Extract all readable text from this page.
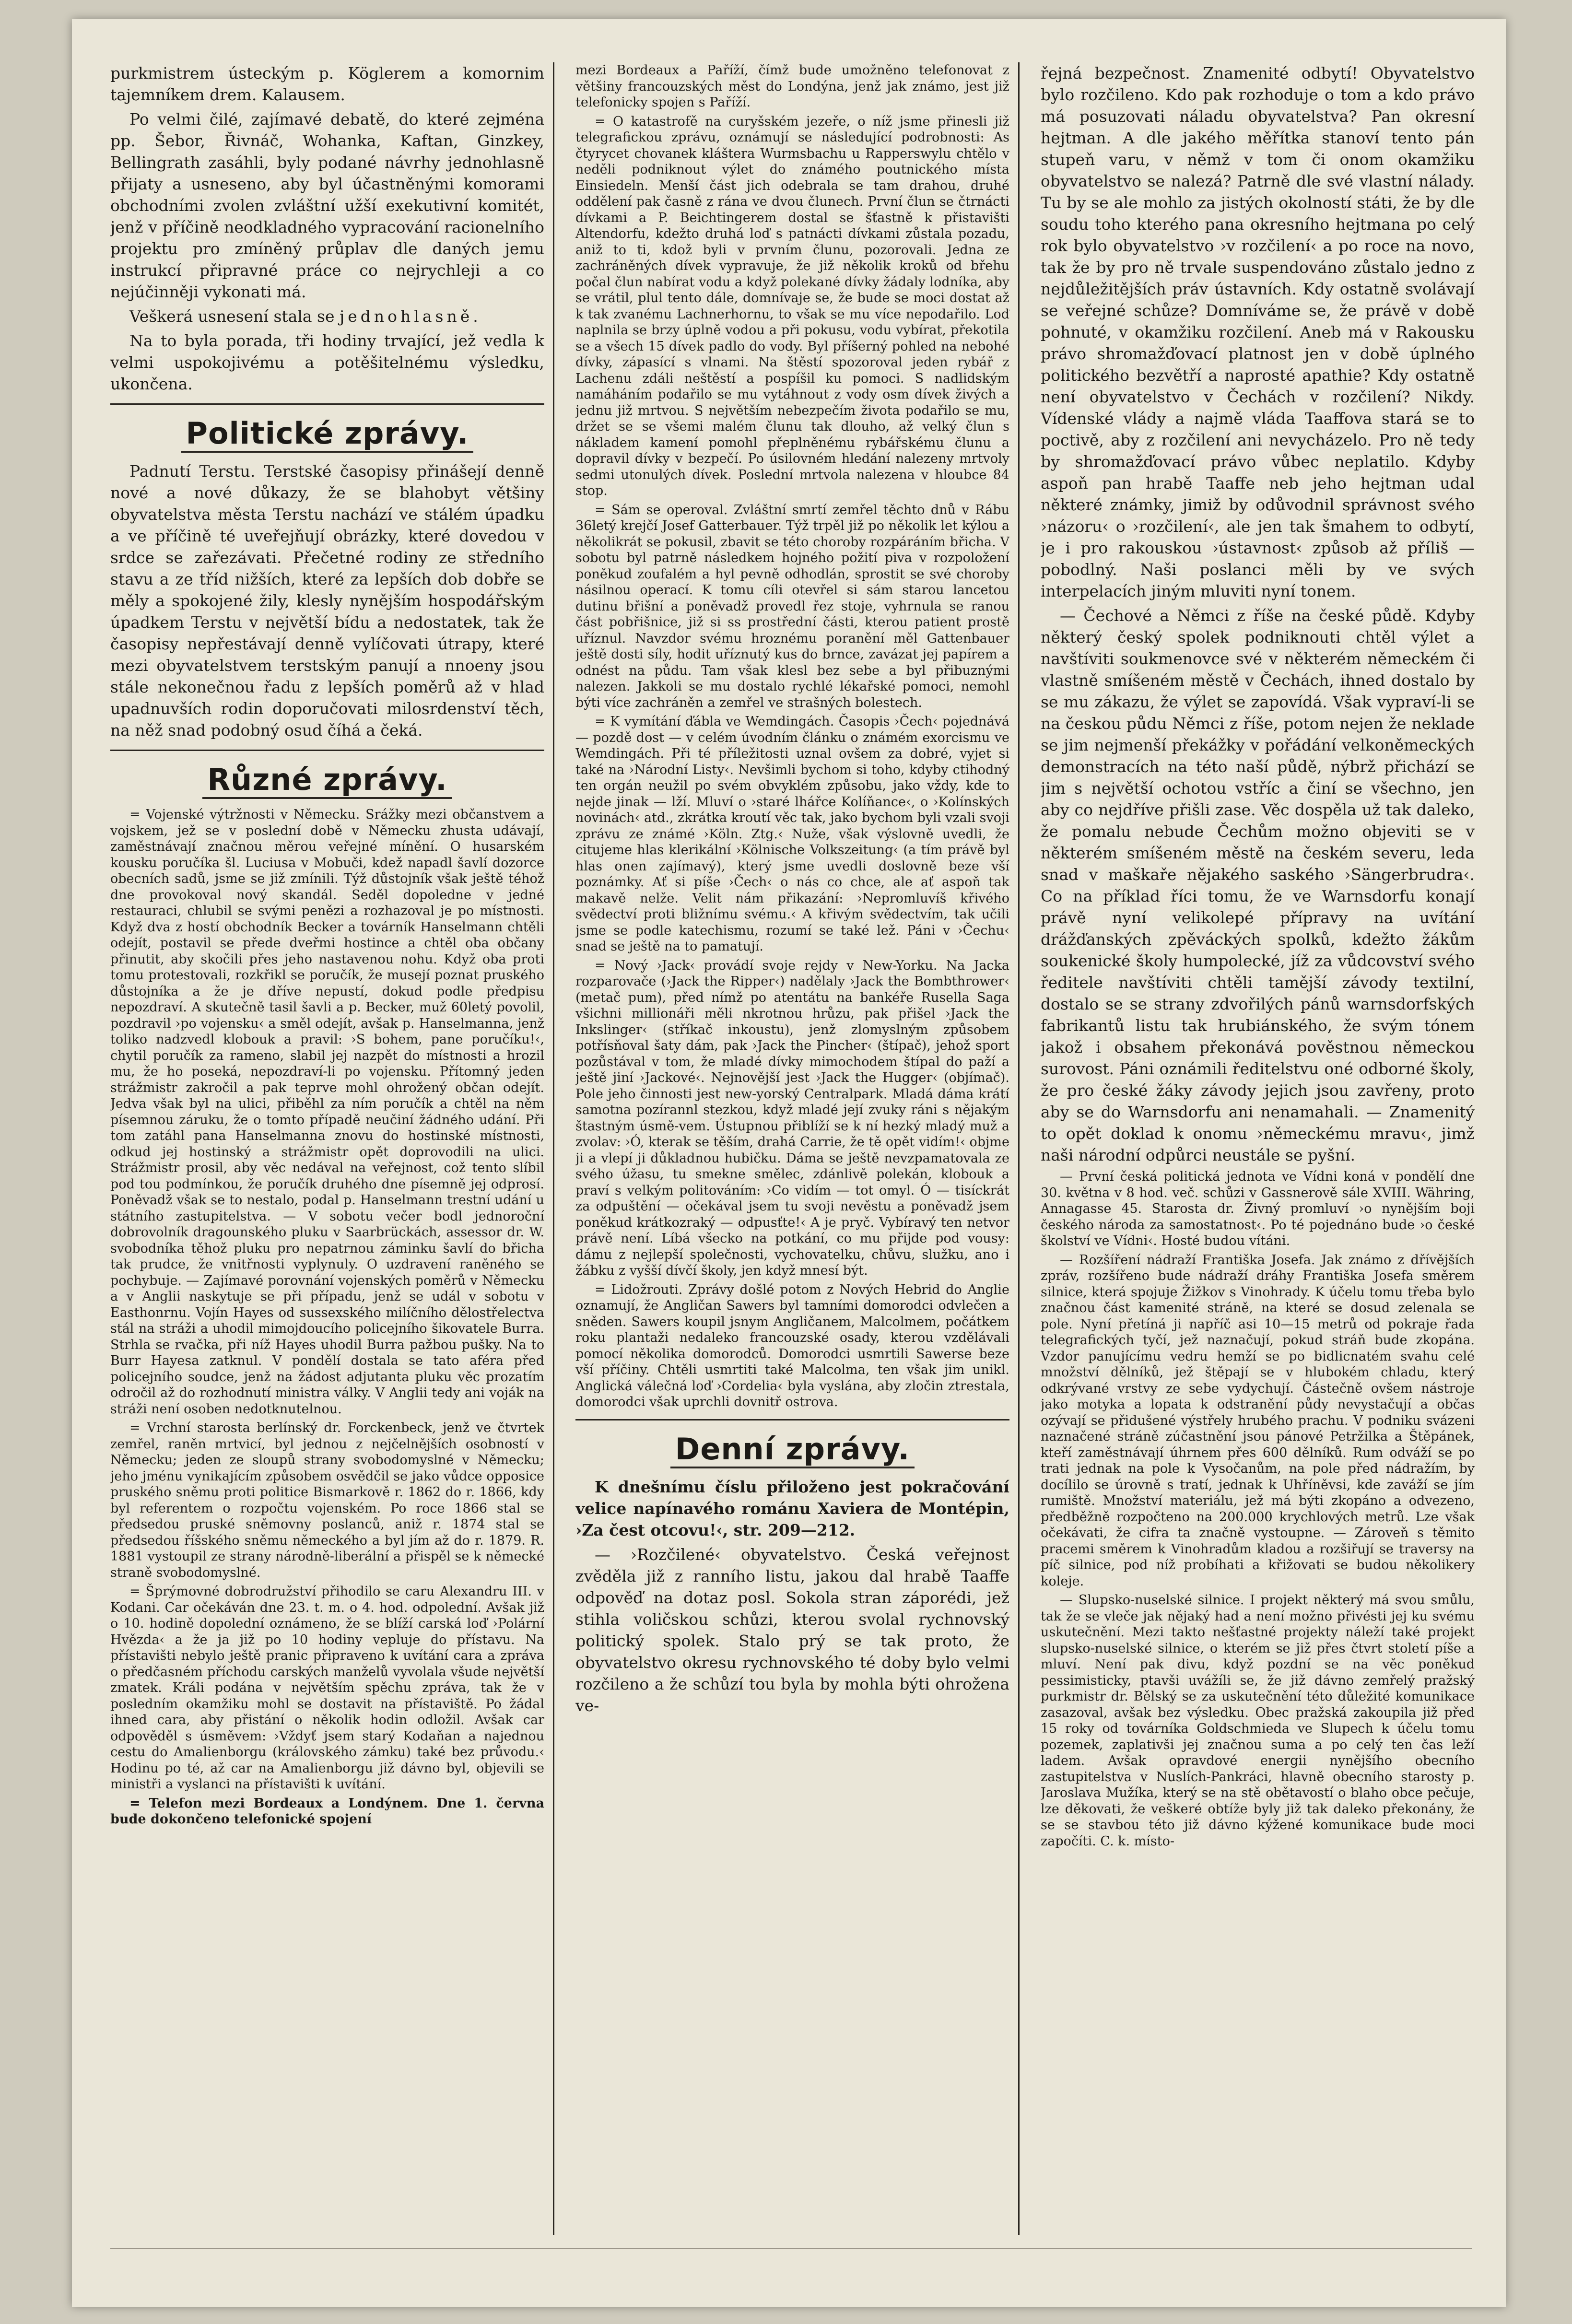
purkmistrem ústeckým p. Köglerem a komornim tajemníkem drem. Kalausem.

Po velmi čilé, zajímavé debatě, do které zejména pp. Šebor, Řivnáč, Wohanka, Kaftan, Ginzkey, Bellingrath zasáhli, byly podané návrhy jednohlasně přijaty a usneseno, aby byl účastněnými komorami obchodními zvolen zvláštní užší exekutivní komitét, jenž v příčině neodkladného vypracování racionelního projektu pro zmíněný průplav dle daných jemu instrukcí připravné práce co nejrychleji a co nejúčinněji vykonati má.

Veškerá usnesení stala se jednohlasně.

Na to byla porada, tři hodiny trvající, jež vedla k velmi uspokojivému a potěšitelnému výsledku, ukončena.

Politické zprávy.

Padnutí Terstu. Terstské časopisy přinášejí denně nové a nové důkazy, že se blahobyt většiny obyvatelstva města Terstu nachází ve stálém úpadku a ve příčině té uveřejňují obrázky, které dovedou v srdce se zařezávati. Přečetné rodiny ze středního stavu a ze tříd nižších, které za lepších dob dobře se měly a spokojené žily, klesly nynějším hospodářským úpadkem Terstu v největší bídu a nedostatek, tak že časopisy nepřestávají denně vylíčovati útrapy, které mezi obyvatelstvem terstským panují a nnoeny jsou stále nekonečnou řadu z lepších poměrů až v hlad upadnuvších rodin doporučovati milosrdenství těch, na něž snad podobný osud číhá a čeká.

Různé zprávy.

= Vojenské výtržnosti v Německu. Srážky mezi občanstvem a vojskem, jež se v poslední době v Německu zhusta udávají, zaměstnávají značnou měrou veřejné mínění. O husarském kousku poručíka šl. Luciusa v Mobuči, kdež napadl šavlí dozorce obecních sadů, jsme se již zmínili. Týž důstojník však ještě téhož dne provokoval nový skandál. Seděl dopoledne v jedné restauraci, chlubil se svými penězi a rozhazoval je po místnosti. Když dva z hostí obchodník Becker a továrník Hanselmann chtěli odejít, postavil se přede dveřmi hostince a chtěl oba občany přinutit, aby skočili přes jeho nastavenou nohu. Když oba proti tomu protestovali, rozkřikl se poručík, že musejí poznat pruského důstojníka a že je dříve nepustí, dokud podle předpisu nepozdraví. A skutečně tasil šavli a p. Becker, muž 60letý povolil, pozdravil ›po vojensku‹ a směl odejít, avšak p. Hanselmanna, jenž toliko nadzvedl klobouk a pravil: ›S bohem, pane poručíku!‹, chytil poručík za rameno, slabil jej nazpět do místnosti a hrozil mu, že ho poseká, nepozdraví-li po vojensku. Přítomný jeden strážmistr zakročil a pak teprve mohl ohrožený občan odejít. Jedva však byl na ulici, přiběhl za ním poručík a chtěl na něm písemnou záruku, že o tomto případě neučiní žádného udání. Při tom zatáhl pana Hanselmanna znovu do hostinské místnosti, odkud jej hostinský a strážmistr opět doprovodili na ulici. Strážmistr prosil, aby věc nedával na veřejnost, což tento slíbil pod tou podmínkou, že poručík druhého dne písemně jej odprosí. Poněvadž však se to nestalo, podal p. Hanselmann trestní udání u státního zastupitelstva. — V sobotu večer bodl jednoroční dobrovolník dragounského pluku v Saarbrückách, assessor dr. W. svobodníka těhož pluku pro nepatrnou záminku šavlí do břicha tak prudce, že vnitřnosti vyplynuly. O uzdravení raněného se pochybuje. — Zajímavé porovnání vojenských poměrů v Německu a v Anglii naskytuje se při případu, jenž se udál v sobotu v Easthonrnu. Vojín Hayes od sussexského milíčního dělostřelectva stál na stráži a uhodil mimojdoucího policejního šikovatele Burra. Strhla se rvačka, při níž Hayes uhodil Burra pažbou pušky. Na to Burr Hayesa zatknul. V pondělí dostala se tato aféra před policejního soudce, jenž na žádost adjutanta pluku věc prozatím odročil až do rozhodnutí ministra války. V Anglii tedy ani voják na stráži není osoben nedotknutelnou.

= Vrchní starosta berlínský dr. Forckenbeck, jenž ve čtvrtek zemřel, raněn mrtvicí, byl jednou z nejčelnějších osobností v Německu; jeden ze sloupů strany svobodomyslné v Německu; jeho jménu vynikajícím způsobem osvědčil se jako vůdce opposice pruského sněmu proti politice Bismarkově r. 1862 do r. 1866, kdy byl referentem o rozpočtu vojenském. Po roce 1866 stal se předsedou pruské sněmovny poslanců, aniž r. 1874 stal se předsedou říšského sněmu německého a byl jím až do r. 1879. R. 1881 vystoupil ze strany národně-liberální a přispěl se k německé straně svobodomyslné.

= Šprýmovné dobrodružství přihodilo se caru Alexandru III. v Kodani. Car očekáván dne 23. t. m. o 4. hod. odpolední. Avšak již o 10. hodině dopolední oznámeno, že se blíží carská loď ›Polární Hvězda‹ a že ja již po 10 hodiny vepluje do přístavu. Na přístavišti nebylo ještě pranic připraveno k uvítání cara a zpráva o předčasném příchodu carských manželů vyvolala všude největší zmatek. Králi podána v největším spěchu zpráva, tak že v posledním okamžiku mohl se dostavit na přístaviště. Po žádal ihned cara, aby přistání o několik hodin odložil. Avšak car odpověděl s úsměvem: ›Vždyť jsem starý Kodaňan a najednou cestu do Amalienborgu (královského zámku) také bez průvodu.‹ Hodinu po té, až car na Amalienborgu již dávno byl, objevili se ministři a vyslanci na přístavišti k uvítání.

= Telefon mezi Bordeaux a Londýnem. Dne 1. června bude dokončeno telefonické spojení

mezi Bordeaux a Paříží, čímž bude umožněno telefonovat z většiny francouzských měst do Londýna, jenž jak známo, jest již telefonicky spojen s Paříží.

= O katastrofě na curyšském jezeře, o níž jsme přinesli již telegrafickou zprávu, oznámují se následující podrobnosti: As čtyrycet chovanek kláštera Wurmsbachu u Rapperswylu chtělo v neděli podniknout výlet do známého poutnického místa Einsiedeln. Menší část jich odebrala se tam drahou, druhé oddělení pak časně z rána ve dvou člunech. První člun se čtrnácti dívkami a P. Beichtingerem dostal se šťastně k přistavišti Altendorfu, kdežto druhá loď s patnácti dívkami zůstala pozadu, aniž to ti, kdož byli v prvním člunu, pozorovali. Jedna ze zachráněných dívek vypravuje, že již několik kroků od břehu počal člun nabírat vodu a když polekané dívky žádaly lodníka, aby se vrátil, plul tento dále, domnívaje se, že bude se moci dostat až k tak zvanému Lachnerhornu, to však se mu více nepodařilo. Loď naplnila se brzy úplně vodou a při pokusu, vodu vybírat, překotila se a všech 15 dívek padlo do vody. Byl příšerný pohled na nebohé dívky, zápasící s vlnami. Na štěstí spozoroval jeden rybář z Lachenu zdáli neštěstí a pospíšil ku pomoci. S nadlidským namáháním podařilo se mu vytáhnout z vody osm dívek živých a jednu již mrtvou. S největším nebezpečím života podařilo se mu, držet se se všemi malém člunu tak dlouho, až velký člun s nákladem kamení pomohl přeplněnému rybářskému člunu a dopravil dívky v bezpečí. Po úsilovném hledání nalezeny mrtvoly sedmi utonulých dívek. Poslední mrtvola nalezena v hloubce 84 stop.

= Sám se operoval. Zvláštní smrtí zemřel těchto dnů v Rábu 36letý krejčí Josef Gatterbauer. Týž trpěl již po několik let kýlou a několikrát se pokusil, zbavit se této choroby rozpáráním břicha. V sobotu byl patrně následkem hojného požití piva v rozpoložení poněkud zoufalém a hyl pevně odhodlán, sprostit se své choroby násilnou operací. K tomu cíli otevřel si sám starou lancetou dutinu břišní a poněvadž provedl řez stoje, vyhrnula se ranou část pobřišnice, již si ss prostřední části, kterou patient prostě uříznul. Navzdor svému hroznému poranění měl Gattenbauer ještě dosti síly, hodit uříznutý kus do brnce, zavázat jej papírem a odnést na půdu. Tam však klesl bez sebe a byl přibuznými nalezen. Jakkoli se mu dostalo rychlé lékařské pomoci, nemohl býti více zachráněn a zemřel ve strašných bolestech.

= K vymítání ďábla ve Wemdingách. Časopis ›Čech‹ pojednává — pozdě dost — v celém úvodním článku o známém exorcismu ve Wemdingách. Při té příležitosti uznal ovšem za dobré, vyjet si také na ›Národní Listy‹. Nevšimli bychom si toho, kdyby ctihodný ten orgán neužil po svém obvyklém způsobu, jako vždy, kde to nejde jinak — lží. Mluví o ›staré lhářce Kolíňance‹, o ›Kolínských novinách‹ atd., zkrátka kroutí věc tak, jako bychom byli vzali svoji zprávu ze známé ›Köln. Ztg.‹ Nuže, však výslovně uvedli, že citujeme hlas klerikální ›Kölnische Volkszeitung‹ (a tím právě byl hlas onen zajímavý), který jsme uvedli doslovně beze vší poznámky. Ať si píše ›Čech‹ o nás co chce, ale ať aspoň tak makavě nelže. Velit nám přikazání: ›Nepromluvíš křivého svědectví proti bližnímu svému.‹ A křivým svědectvím, tak učili jsme se podle katechismu, rozumí se také lež. Páni v ›Čechu‹ snad se ještě na to pamatují.

= Nový ›Jack‹ provádí svoje rejdy v New-Yorku. Na Jacka rozparovače (›Jack the Ripper‹) nadělaly ›Jack the Bombthrower‹ (metač pum), před nímž po atentátu na bankéře Rusella Saga všichni millionáři měli nkrotnou hrůzu, pak přišel ›Jack the Inkslinger‹ (stříkač inkoustu), jenž zlomyslným způsobem potřísňoval šaty dám, pak ›Jack the Pincher‹ (štípač), jehož sport pozůstával v tom, že mladé dívky mimochodem štípal do paží a ještě jiní ›Jackové‹. Nejnovější jest ›Jack the Hugger‹ (objímač). Pole jeho činnosti jest new-yorský Centralpark. Mladá dáma krátí samotna pozírannl stezkou, když mladé její zvuky ráni s nějakým štastným úsmě-vem. Ústupnou přiblíží se k ní hezký mladý muž a zvolav: ›Ó, kterak se těším, drahá Carrie, že tě opět vidím!‹ objme ji a vlepí ji důkladnou hubičku. Dáma se ještě nevzpamatovala ze svého úžasu, tu smekne smělec, zdánlivě polekán, klobouk a praví s velkým politováním: ›Co vidím — tot omyl. Ó — tisíckrát za odpuštění — očekával jsem tu svoji nevěstu a poněvadž jsem poněkud krátkozraký — odpusťte!‹ A je pryč. Vybíravý ten netvor právě není. Líbá všecko na potkání, co mu přijde pod vousy: dámu z nejlepší společnosti, vychovatelku, chůvu, služku, ano i žábku z vyšší dívčí školy, jen když mnesí být.

= Lidožrouti. Zprávy došlé potom z Nových Hebrid do Anglie oznamují, že Angličan Sawers byl tamními domorodci odvlečen a sněden. Sawers koupil jsnym Angličanem, Malcolmem, počátkem roku plantaži nedaleko francouzské osady, kterou vzdělávali pomocí několika domorodců. Domorodci usmrtili Sawerse beze vší příčiny. Chtěli usmrtiti také Malcolma, ten však jim unikl. Anglická válečná loď ›Cordelia‹ byla vyslána, aby zločin ztrestala, domorodci však uprchli dovnitř ostrova.

Denní zprávy.

K dnešnímu číslu přiloženo jest pokračování velice napínavého románu Xaviera de Montépin, ›Za čest otcovu!‹, str. 209—212.

— ›Rozčilené‹ obyvatelstvo. Česká veřejnost zvěděla již z ranního listu, jakou dal hrabě Taaffe odpověď na dotaz posl. Sokola stran záporédi, jež stihla voličskou schůzi, kterou svolal rychnovský politický spolek. Stalo prý se tak proto, že obyvatelstvo okresu rychnovského té doby bylo velmi rozčileno a že schůzí tou byla by mohla býti ohrožena ve-

řejná bezpečnost. Znamenité odbytí! Obyvatelstvo bylo rozčileno. Kdo pak rozhoduje o tom a kdo právo má posuzovati náladu obyvatelstva? Pan okresní hejtman. A dle jakého měřítka stanoví tento pán stupeň varu, v němž v tom či onom okamžiku obyvatelstvo se nalezá? Patrně dle své vlastní nálady. Tu by se ale mohlo za jistých okolností státi, že by dle soudu toho kterého pana okresního hejtmana po celý rok bylo obyvatelstvo ›v rozčilení‹ a po roce na novo, tak že by pro ně trvale suspendováno zůstalo jedno z nejdůležitějších práv ústavních. Kdy ostatně svolávají se veřejné schůze? Domníváme se, že právě v době pohnuté, v okamžiku rozčilení. Aneb má v Rakousku právo shromažďovací platnost jen v době úplného politického bezvětří a naprosté apathie? Kdy ostatně není obyvatelstvo v Čechách v rozčilení? Nikdy. Vídenské vlády a najmě vláda Taaffova stará se to poctivě, aby z rozčilení ani nevycházelo. Pro ně tedy by shromažďovací právo vůbec neplatilo. Kdyby aspoň pan hrabě Taaffe neb jeho hejtman udal některé známky, jimiž by odůvodnil správnost svého ›názoru‹ o ›rozčilení‹, ale jen tak šmahem to odbytí, je i pro rakouskou ›ústavnost‹ způsob až příliš — pobodlný. Naši poslanci měli by ve svých interpelacích jiným mluviti nyní tonem.

— Čechové a Němci z říše na české půdě. Kdyby některý český spolek podniknouti chtěl výlet a navštíviti soukmenovce své v některém německém či vlastně smíšeném městě v Čechách, ihned dostalo by se mu zákazu, že výlet se zapovídá. Však vypraví-li se na českou půdu Němci z říše, potom nejen že neklade se jim nejmenší překážky v pořádání velkoněmeckých demonstracích na této naší půdě, nýbrž přichází se jim s největší ochotou vstříc a činí se všechno, jen aby co nejdříve přišli zase. Věc dospěla už tak daleko, že pomalu nebude Čechům možno objeviti se v některém smíšeném městě na českém severu, leda snad v maškaře nějakého saského ›Sängerbrudra‹. Co na příklad říci tomu, že ve Warnsdorfu konají právě nyní velikolepé přípravy na uvítání drážďanských zpěváckých spolků, kdežto žákům soukenické školy humpolecké, jíž za vůdcovství svého ředitele navštíviti chtěli tamější závody textilní, dostalo se se strany zdvořilých pánů warnsdorfských fabrikantů listu tak hrubiánského, že svým tónem jakož i obsahem překonává pověstnou německou surovost. Páni oznámili ředitelstvu oné odborné školy, že pro české žáky závody jejich jsou zavřeny, proto aby se do Warnsdorfu ani nenamahali. — Znamenitý to opět doklad k onomu ›německému mravu‹, jimž naši národní odpůrci neustále se pyšní.

— První česká politická jednota ve Vídni koná v pondělí dne 30. května v 8 hod. več. schůzi v Gassnerově sále XVIII. Währing, Annagasse 45. Starosta dr. Živný promluví ›o nynějším boji českého národa za samostatnost‹. Po té pojednáno bude ›o české školství ve Vídni‹. Hosté budou vítáni.

— Rozšíření nádraží Františka Josefa. Jak známo z dřívějších zpráv, rozšířeno bude nádraží dráhy Františka Josefa směrem silnice, která spojuje Žižkov s Vinohrady. K účelu tomu třeba bylo značnou část kamenité stráně, na které se dosud zelenala se pole. Nyní přetíná ji napříč asi 10—15 metrů od pokraje řada telegrafických tyčí, jež naznačují, pokud stráň bude zkopána. Vzdor panujícímu vedru hemží se po bidlicnatém svahu celé množství dělníků, jež štěpají se v hlubokém chladu, který odkrývané vrstvy ze sebe vydychují. Částečně ovšem nástroje jako motyka a lopata k odstranění půdy nevystačují a občas ozývají se přidušené výstřely hrubého prachu. V podniku svázeni naznačené stráně zúčastnění jsou pánové Petržilka a Štěpánek, kteří zaměstnávají úhrnem přes 600 dělníků. Rum odváží se po trati jednak na pole k Vysočanům, na pole před nádražím, by docílilo se úrovně s tratí, jednak k Uhříněvsi, kde zaváží se jím rumiště. Množství materiálu, jež má býti zkopáno a odvezeno, předběžně rozpočteno na 200.000 krychlových metrů. Lze však očekávati, že cifra ta značně vystoupne. — Zároveň s těmito pracemi směrem k Vinohradům kladou a rozšiřují se traversy na píč silnice, pod níž probíhati a křižovati se budou několikery koleje.

— Slupsko-nuselské silnice. I projekt některý má svou smůlu, tak že se vleče jak nějaký had a není možno přivésti jej ku svému uskutečnění. Mezi takto nešťastné projekty náleží také projekt slupsko-nuselské silnice, o kterém se již přes čtvrt století píše a mluví. Není pak divu, když pozdní se na věc poněkud pessimisticky, ptavši uvážíli se, že již dávno zemřelý pražský purkmistr dr. Bělský se za uskutečnění této důležité komunikace zasazoval, avšak bez výsledku. Obec pražská zakoupila již před 15 roky od továrníka Goldschmieda ve Slupech k účelu tomu pozemek, zaplativši jej značnou suma a po celý ten čas leží ladem. Avšak opravdové energii nynějšího obecního zastupitelstva v Nuslích-Pankráci, hlavně obecního starosty p. Jaroslava Mužíka, který se na stě obětavostí o blaho obce pečuje, lze děkovati, že veškeré obtíže byly již tak daleko překonány, že se se stavbou této již dávno kýžené komunikace bude moci započíti. C. k. místo-
